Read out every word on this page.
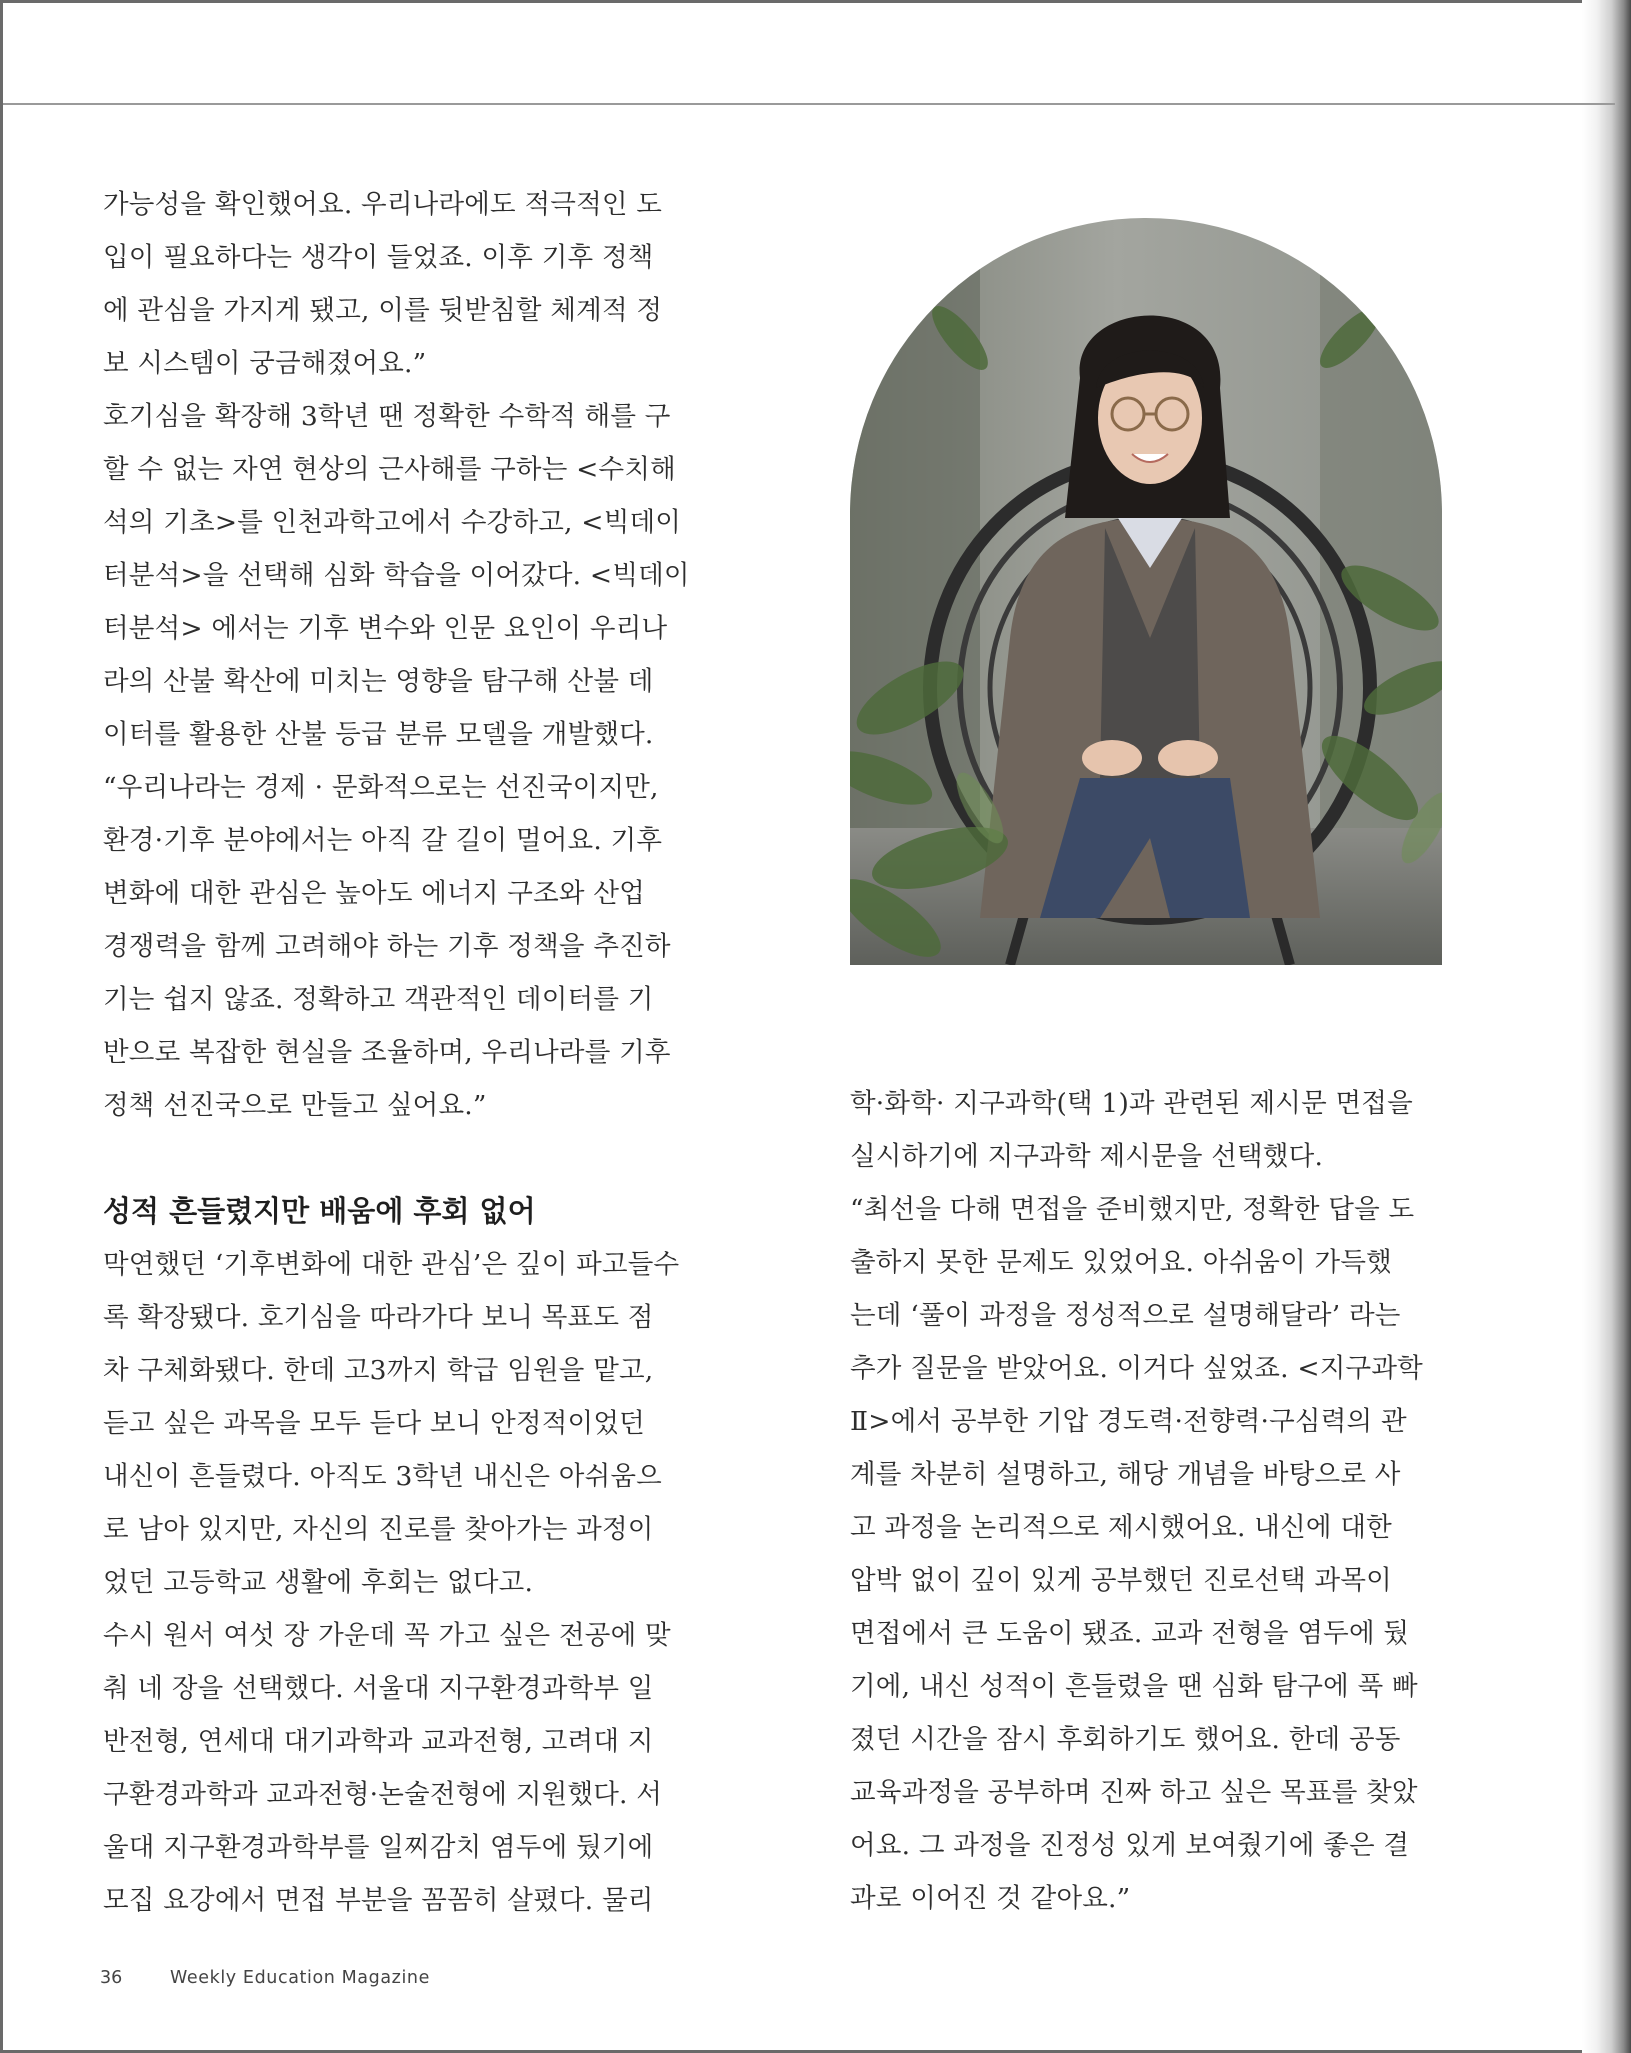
가능성을 확인했어요. 우리나라에도 적극적인 도
입이 필요하다는 생각이 들었죠. 이후 기후 정책
에 관심을 가지게 됐고, 이를 뒷받침할 체계적 정
보 시스템이 궁금해졌어요.”
호기심을 확장해 3학년 땐 정확한 수학적 해를 구
할 수 없는 자연 현상의 근사해를 구하는 <수치해
석의 기초>를 인천과학고에서 수강하고, <빅데이
터분석>을 선택해 심화 학습을 이어갔다. <빅데이
터분석> 에서는 기후 변수와 인문 요인이 우리나
라의 산불 확산에 미치는 영향을 탐구해 산불 데
이터를 활용한 산불 등급 분류 모델을 개발했다.
“우리나라는 경제 · 문화적으로는 선진국이지만,
환경·기후 분야에서는 아직 갈 길이 멀어요. 기후
변화에 대한 관심은 높아도 에너지 구조와 산업
경쟁력을 함께 고려해야 하는 기후 정책을 추진하
기는 쉽지 않죠. 정확하고 객관적인 데이터를 기
반으로 복잡한 현실을 조율하며, 우리나라를 기후
정책 선진국으로 만들고 싶어요.”
성적 흔들렸지만 배움에 후회 없어
막연했던 ‘기후변화에 대한 관심’은 깊이 파고들수
록 확장됐다. 호기심을 따라가다 보니 목표도 점
차 구체화됐다. 한데 고3까지 학급 임원을 맡고,
듣고 싶은 과목을 모두 듣다 보니 안정적이었던
내신이 흔들렸다. 아직도 3학년 내신은 아쉬움으
로 남아 있지만, 자신의 진로를 찾아가는 과정이
었던 고등학교 생활에 후회는 없다고.
수시 원서 여섯 장 가운데 꼭 가고 싶은 전공에 맞
춰 네 장을 선택했다. 서울대 지구환경과학부 일
반전형, 연세대 대기과학과 교과전형, 고려대 지
구환경과학과 교과전형·논술전형에 지원했다. 서
울대 지구환경과학부를 일찌감치 염두에 뒀기에
모집 요강에서 면접 부분을 꼼꼼히 살폈다. 물리
학·화학· 지구과학(택 1)과 관련된 제시문 면접을
실시하기에 지구과학 제시문을 선택했다.
“최선을 다해 면접을 준비했지만, 정확한 답을 도
출하지 못한 문제도 있었어요. 아쉬움이 가득했
는데 ‘풀이 과정을 정성적으로 설명해달라’ 라는
추가 질문을 받았어요. 이거다 싶었죠. <지구과학
Ⅱ>에서 공부한 기압 경도력·전향력·구심력의 관
계를 차분히 설명하고, 해당 개념을 바탕으로 사
고 과정을 논리적으로 제시했어요. 내신에 대한
압박 없이 깊이 있게 공부했던 진로선택 과목이
면접에서 큰 도움이 됐죠. 교과 전형을 염두에 뒀
기에, 내신 성적이 흔들렸을 땐 심화 탐구에 푹 빠
졌던 시간을 잠시 후회하기도 했어요. 한데 공동
교육과정을 공부하며 진짜 하고 싶은 목표를 찾았
어요. 그 과정을 진정성 있게 보여줬기에 좋은 결
과로 이어진 것 같아요.”
36	Weekly Education Magazine
